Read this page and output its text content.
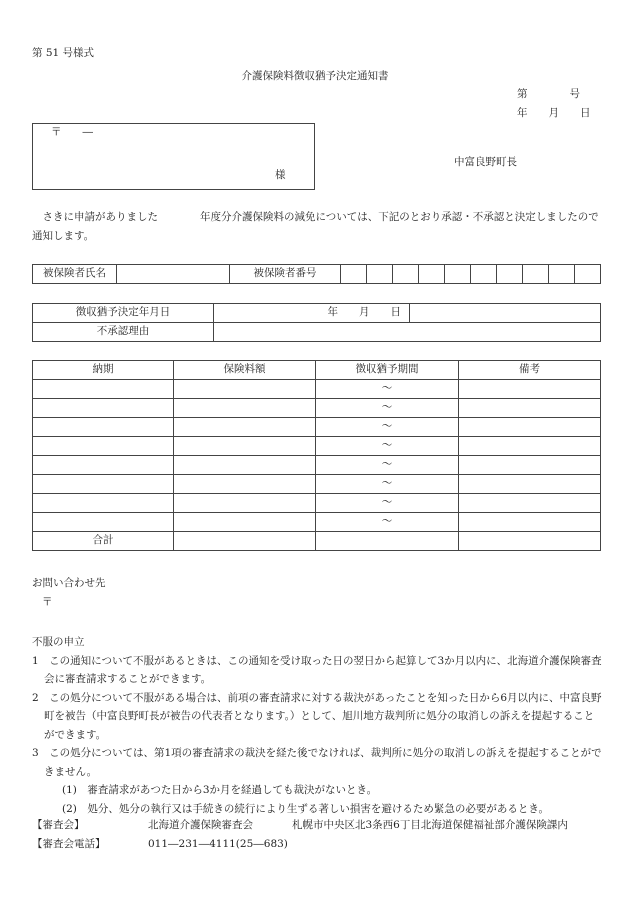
第 51 号様式
介護保険料徴収猶予決定通知書
第　　　　号
年　　月　　日
〒　　―
様
中富良野町長
　さきに申請がありました　　　　年度分介護保険料の減免については、下記のとおり承認・不承認と決定しましたので通知します。
被保険者氏名		被保険者番号										
徴収猶予決定年月日	年　　月　　日	
不承認理由		
納期	保険料額	徴収猶予期間	備考
		～	
		～	
		～	
		～	
		～	
		～	
		～	
		～	
合計			
お問い合わせ先
〒

不服の申立

1　この通知について不服があるときは、この通知を受け取った日の翌日から起算して3か月以内に、北海道介護保険審査会に審査請求することができます。

2　この処分について不服がある場合は、前項の審査請求に対する裁決があったことを知った日から6月以内に、中富良野町を被告（中富良野町長が被告の代表者となります。）として、旭川地方裁判所に処分の取消しの訴えを提起することができます。

3　この処分については、第1項の審査請求の裁決を経た後でなければ、裁判所に処分の取消しの訴えを提起することができません。

(1)　審査請求があつた日から3か月を経過しても裁決がないとき。

(2)　処分、処分の執行又は手続きの続行により生ずる著しい損害を避けるため緊急の必要があるとき。

【審査会】	北海道介護保険審査会	札幌市中央区北3条西6丁目北海道保健福祉部介護保険課内
【審査会電話】	011―231―4111(25―683)
